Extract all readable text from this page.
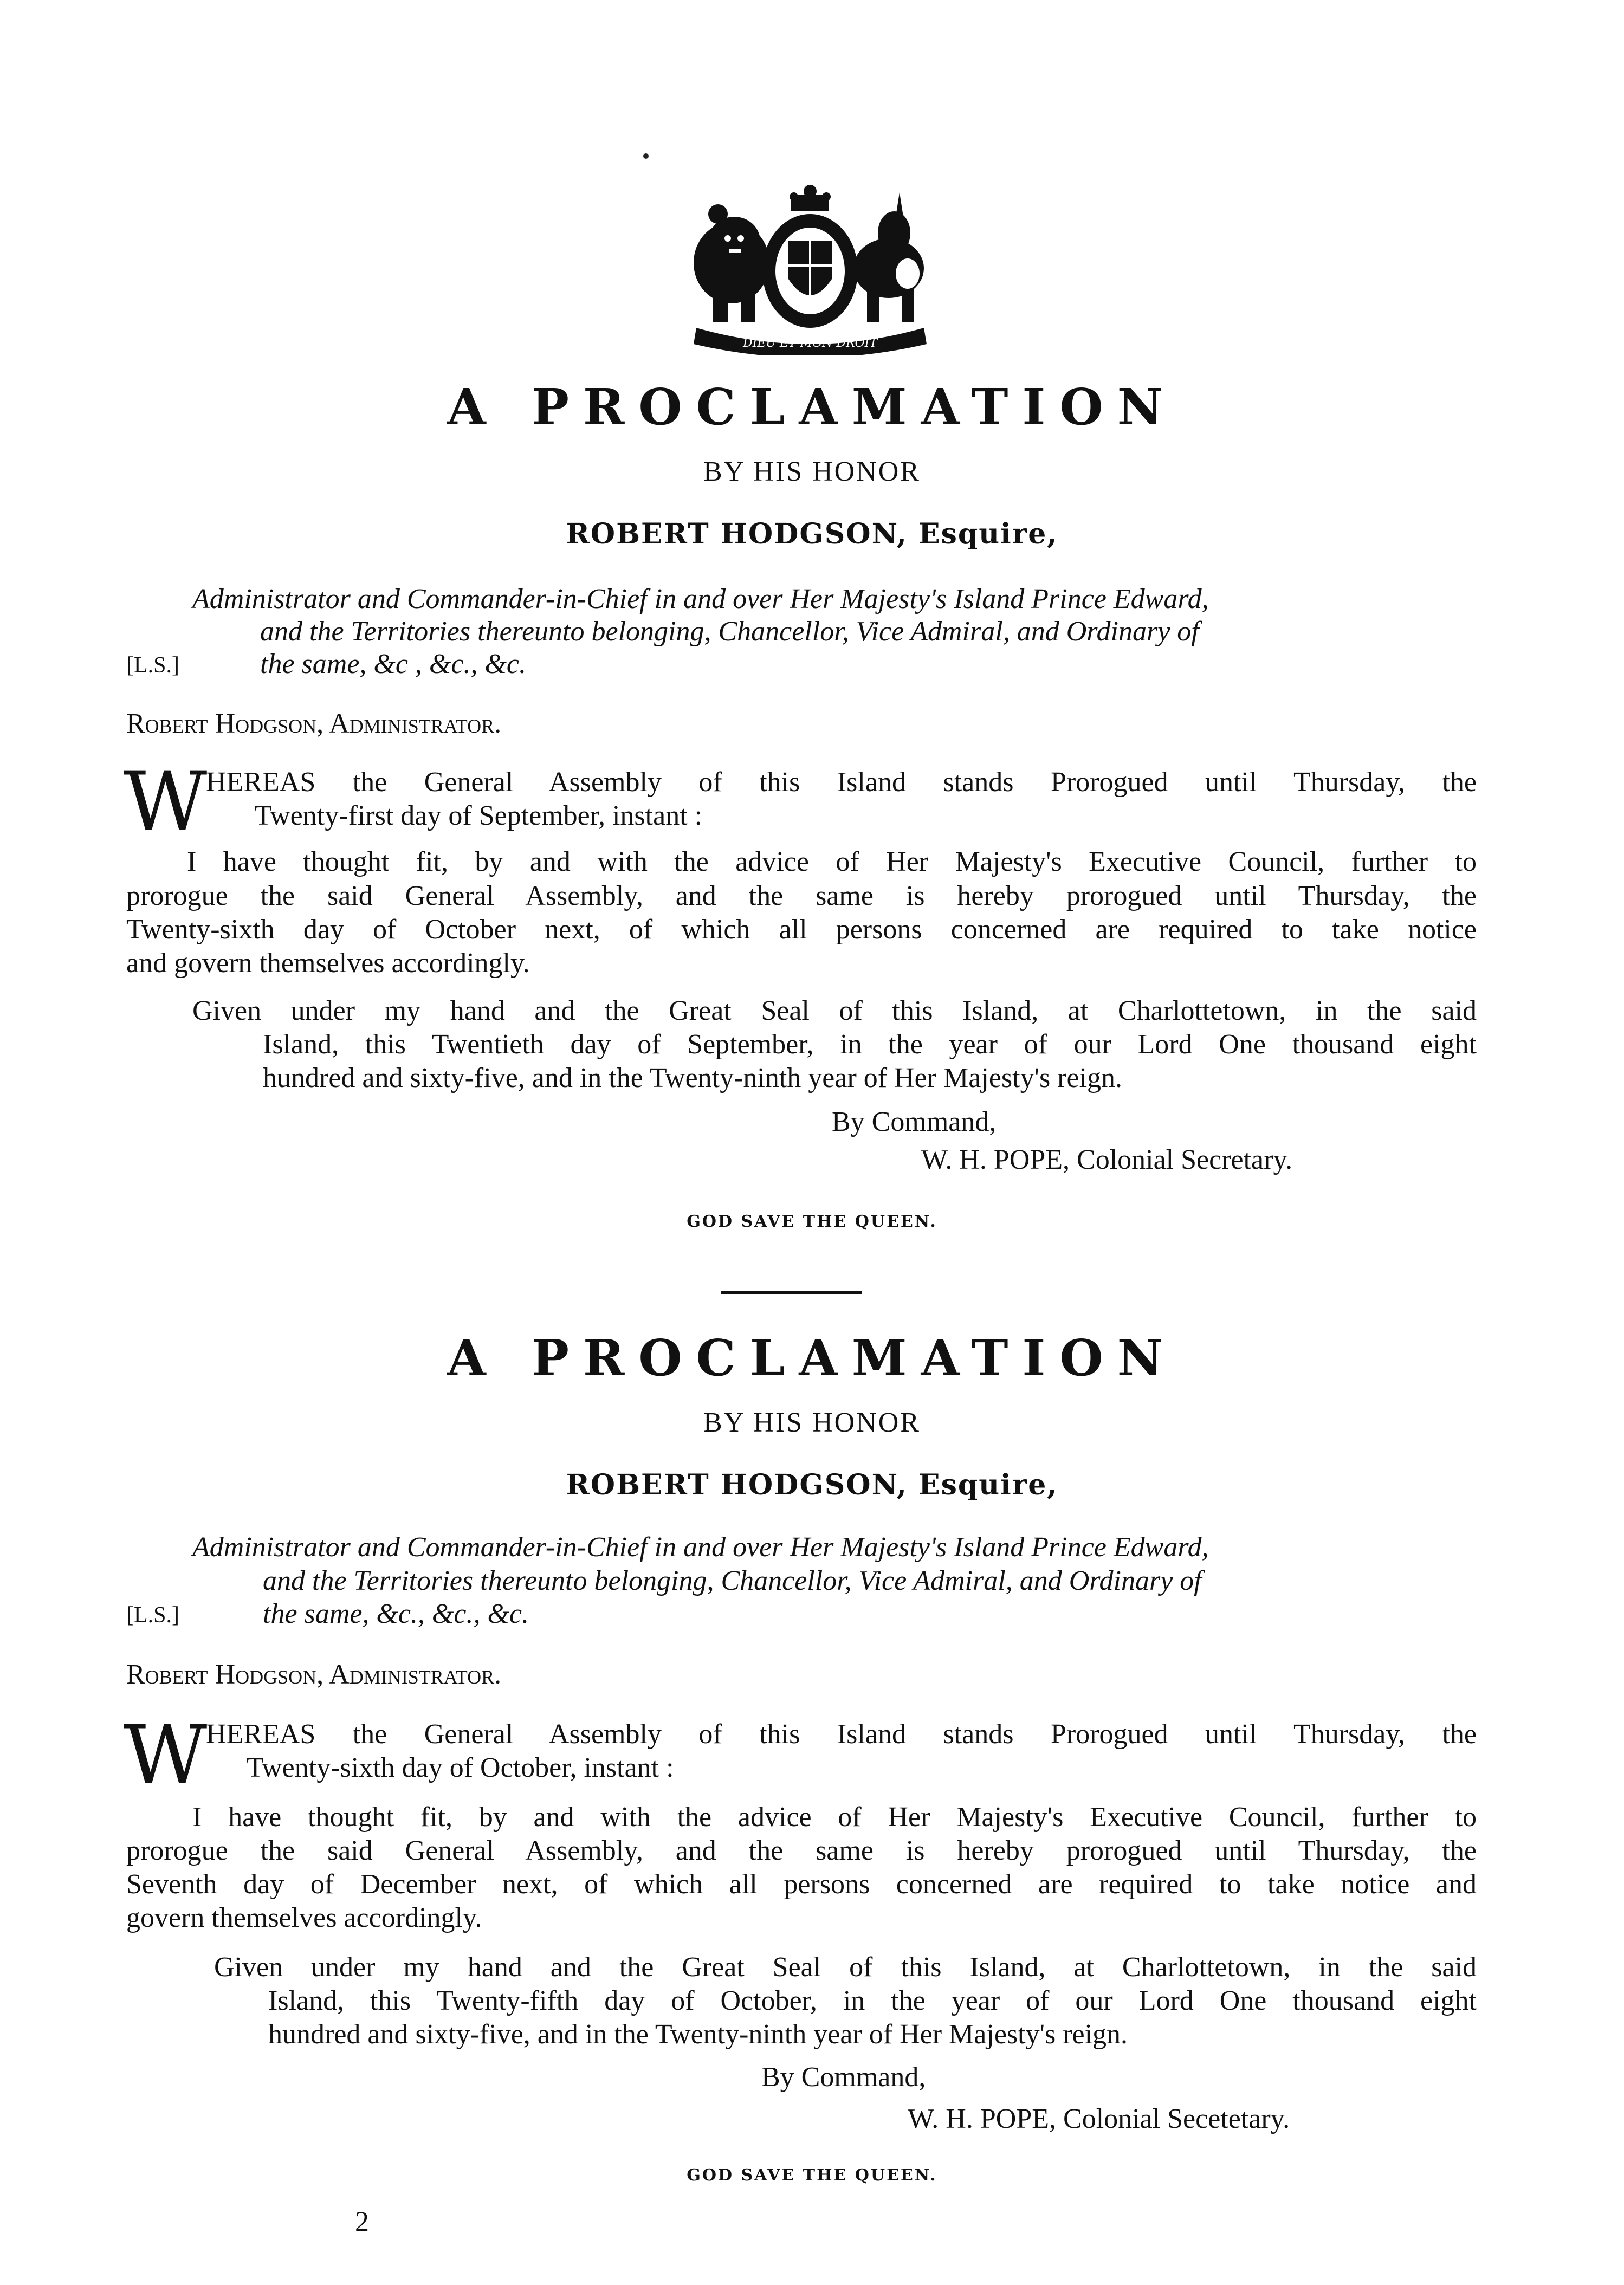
DIEU ET MON DROIT
A PROCLAMATION
BY HIS HONOR
ROBERT HODGSON, Esquire,
Administrator and Commander-in-Chief in and over Her Majesty's Island Prince Edward,
and the Territories thereunto belonging, Chancellor, Vice Admiral, and Ordinary of
[L.S.]	the same, &c , &c., &c.
Robert Hodgson, Administrator.
W
HEREAS the General Assembly of this Island stands Prorogued until Thursday, the
Twenty-first day of September, instant :
I have thought fit, by and with the advice of Her Majesty's Executive Council, further to
prorogue the said General Assembly, and the same is hereby prorogued until Thursday, the
Twenty-sixth day of October next, of which all persons concerned are required to take notice
and govern themselves accordingly.
Given under my hand and the Great Seal of this Island, at Charlottetown, in the said
Island, this Twentieth day of September, in the year of our Lord One thousand eight
hundred and sixty-five, and in the Twenty-ninth year of Her Majesty's reign.
By Command,
W. H. POPE, Colonial Secretary.
GOD SAVE THE QUEEN.
A PROCLAMATION
BY HIS HONOR
ROBERT HODGSON, Esquire,
Administrator and Commander-in-Chief in and over Her Majesty's Island Prince Edward,
and the Territories thereunto belonging, Chancellor, Vice Admiral, and Ordinary of
[L.S.]	the same, &c., &c., &c.
Robert Hodgson, Administrator.
W
HEREAS the General Assembly of this Island stands Prorogued until Thursday, the
Twenty-sixth day of October, instant :
I have thought fit, by and with the advice of Her Majesty's Executive Council, further to
prorogue the said General Assembly, and the same is hereby prorogued until Thursday, the
Seventh day of December next, of which all persons concerned are required to take notice and
govern themselves accordingly.
Given under my hand and the Great Seal of this Island, at Charlottetown, in the said
Island, this Twenty-fifth day of October, in the year of our Lord One thousand eight
hundred and sixty-five, and in the Twenty-ninth year of Her Majesty's reign.
By Command,
W. H. POPE, Colonial Secetetary.
GOD SAVE THE QUEEN.
2
